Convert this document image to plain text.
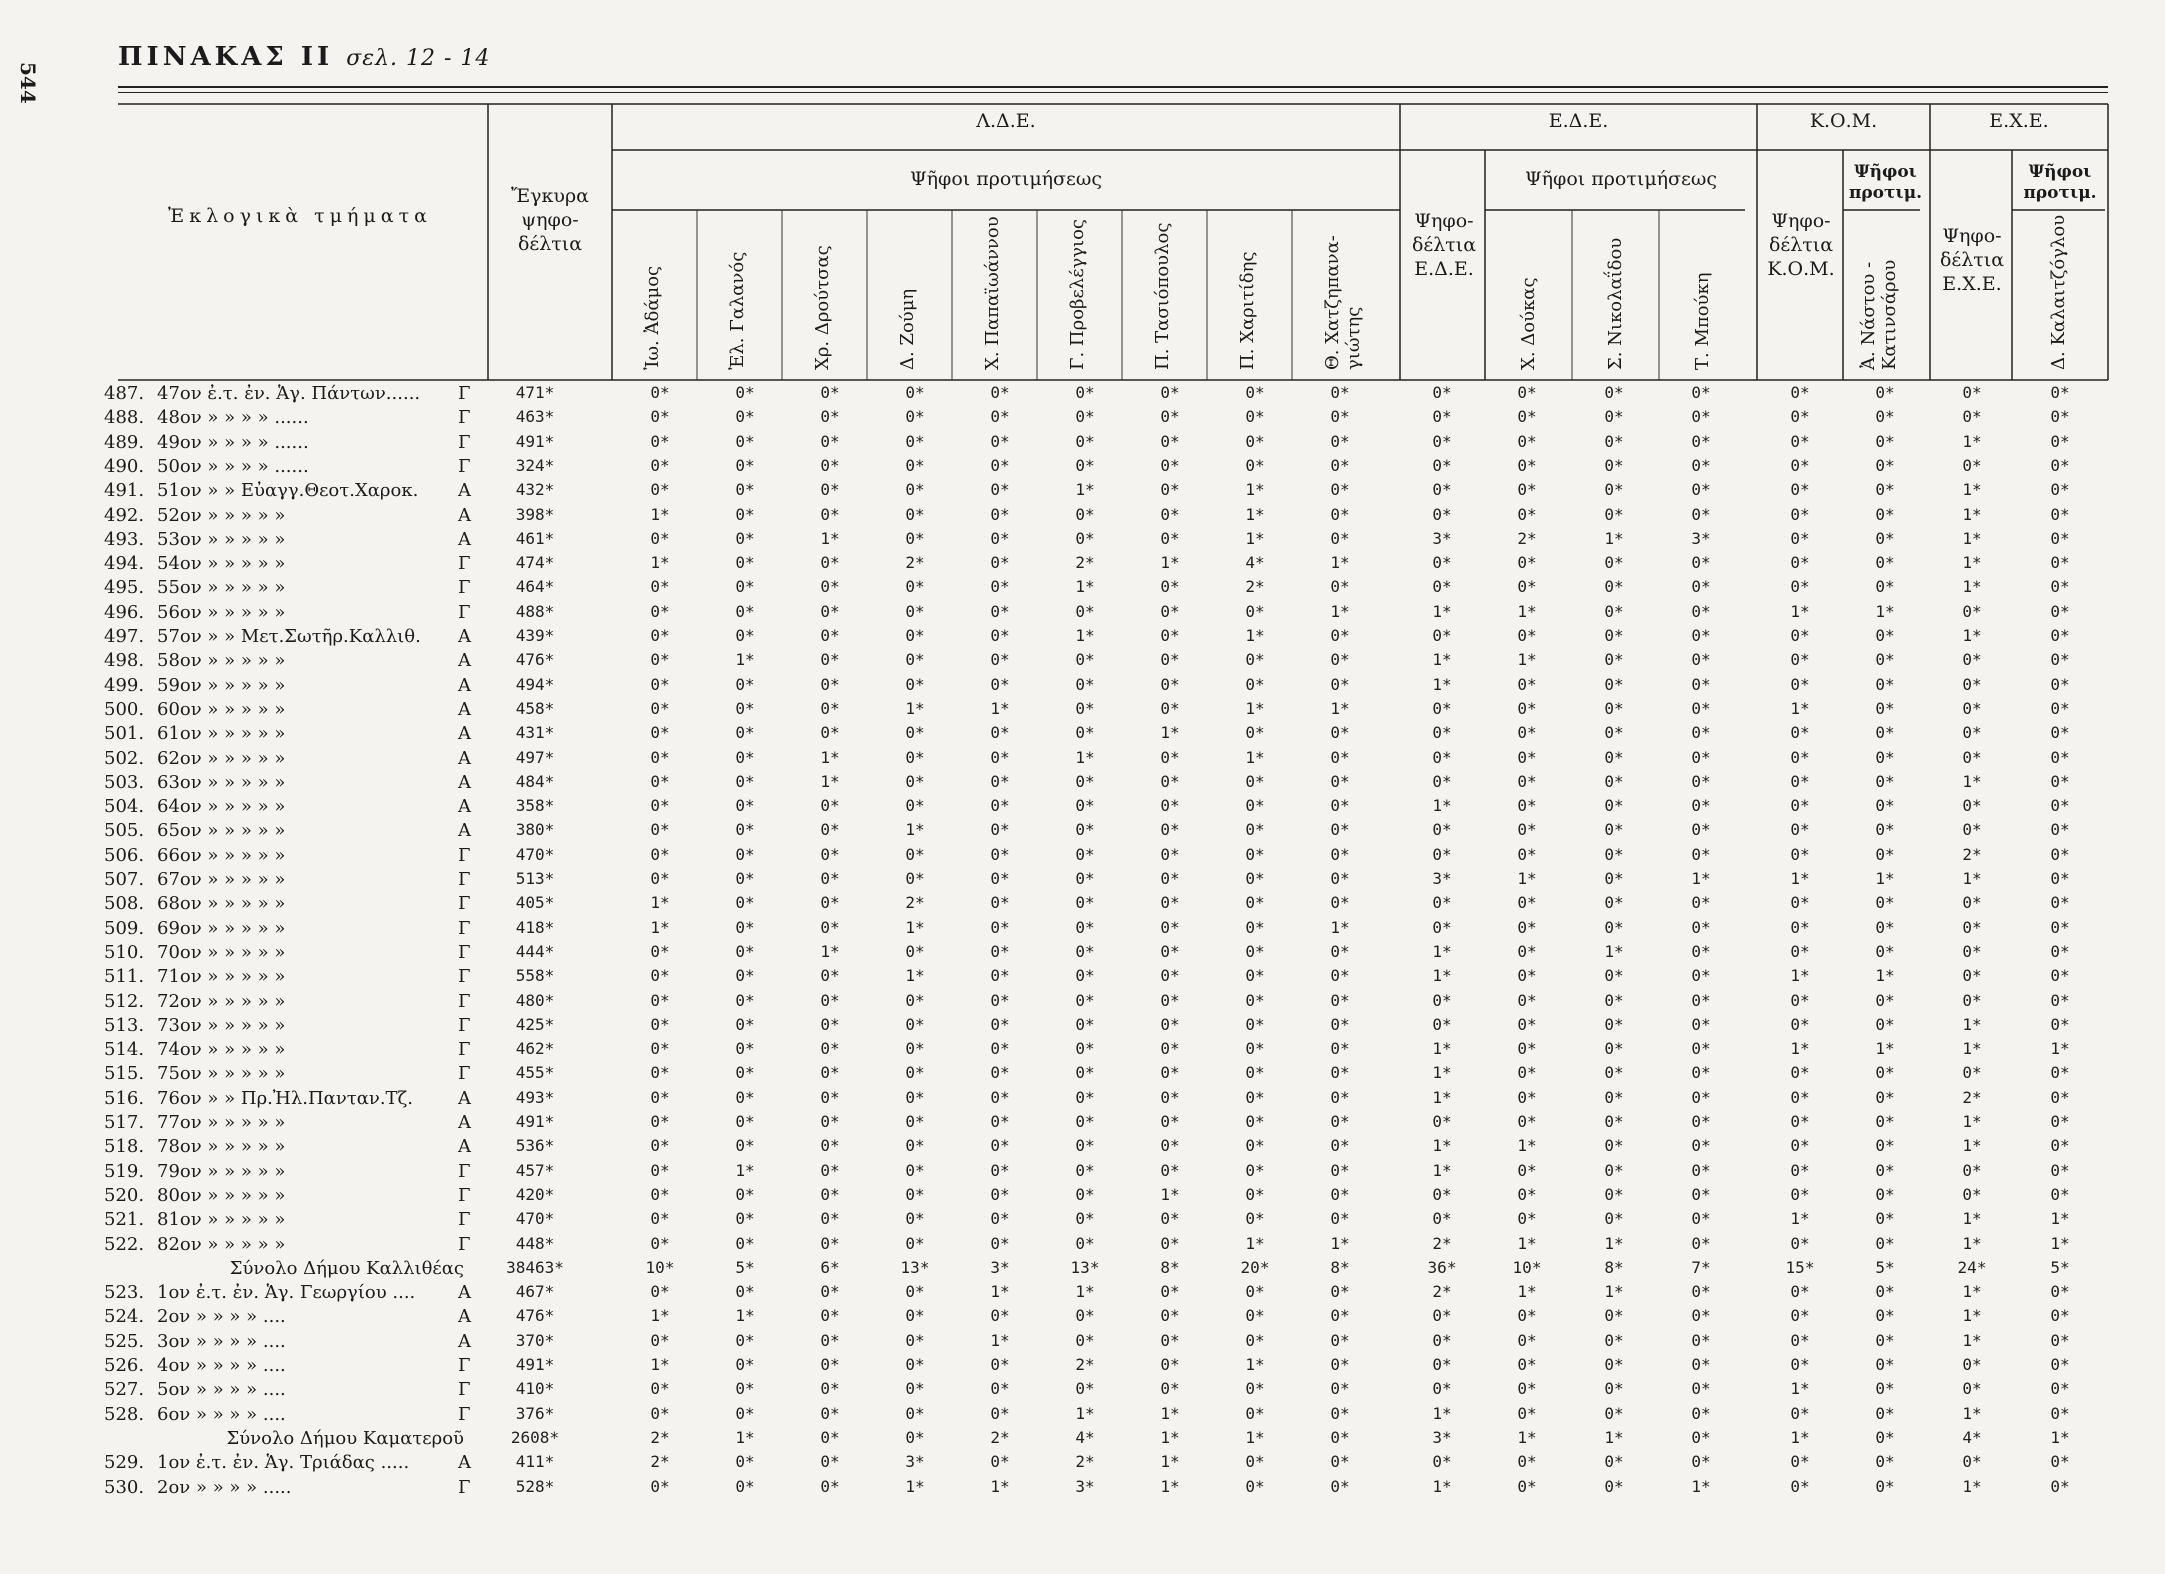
544
ΠΙΝΑΚΑΣ ΙΙ σελ. 12 - 14
Ἐκλογικὰ τμήματα
Ἔγκυρα ψηφο- δέλτια
Λ.Δ.Ε.
Ψῆφοι προτιμήσεως
Ε.Δ.Ε.
Ψῆφοι προτιμήσεως
Ψηφο- δέλτια Ε.Δ.Ε.
Κ.Ο.Μ.
Ψῆφοι προτιμ.
Ψηφο- δέλτια Κ.Ο.Μ.
Ε.Χ.Ε.
Ψῆφοι προτιμ.
Ψηφο- δέλτια Ε.Χ.Ε.
Ἰω. Ἀδάμος	Ἐλ. Γαλανός	Χρ. Δρούτσας	Δ. Ζούμη	Χ. Παπαϊωάννου	Γ. Προβελέγγιος	Π. Τασιόπουλος	Π. Χαριτίδης	Θ. Χατζηπανα- γιώτης	Χ. Δούκας	Σ. Νικολαΐδου	Τ. Μπούκη	Ἀ. Νάστου - Κατινσάρου	Δ. Καλαιτζόγλου
487. 47ον ἐ.τ. ἐν. Ἁγ. Πάντων...... Γ	471*	0*	0*	0*	0*	0*	0*	0*	0*	0*	0*	0*	0*	0*	0*	0*	0*	0*
488. 48ον » » » » ......	Γ	463*	0*	0*	0*	0*	0*	0*	0*	0*	0*	0*	0*	0*	0*	0*	0*	0*	0*
489. 49ον » » » » ......	Γ	491*	0*	0*	0*	0*	0*	0*	0*	0*	0*	0*	0*	0*	0*	0*	0*	1*	0*
490. 50ον » » » » ......	Γ	324*	0*	0*	0*	0*	0*	0*	0*	0*	0*	0*	0*	0*	0*	0*	0*	0*	0*
491. 51ον » » Εὐαγγ.Θεοτ.Χαροκ. Α	432*	0*	0*	0*	0*	0*	1*	0*	1*	0*	0*	0*	0*	0*	0*	0*	1*	0*
492. 52ον » » » » »	Α	398*	1*	0*	0*	0*	0*	0*	0*	1*	0*	0*	0*	0*	0*	0*	0*	1*	0*
493. 53ον » » » » »	Α	461*	0*	0*	1*	0*	0*	0*	0*	1*	0*	3*	2*	1*	3*	0*	0*	1*	0*
494. 54ον » » » » »	Γ	474*	1*	0*	0*	2*	0*	2*	1*	4*	1*	0*	0*	0*	0*	0*	0*	1*	0*
495. 55ον » » » » »	Γ	464*	0*	0*	0*	0*	0*	1*	0*	2*	0*	0*	0*	0*	0*	0*	0*	1*	0*
496. 56ον » » » » »	Γ	488*	0*	0*	0*	0*	0*	0*	0*	0*	1*	1*	1*	0*	0*	1*	1*	0*	0*
497. 57ον » » Μετ.Σωτῆρ.Καλλιθ. Α	439*	0*	0*	0*	0*	0*	1*	0*	1*	0*	0*	0*	0*	0*	0*	0*	1*	0*
498. 58ον » » » » »	Α	476*	0*	1*	0*	0*	0*	0*	0*	0*	0*	1*	1*	0*	0*	0*	0*	0*	0*
499. 59ον » » » » »	Α	494*	0*	0*	0*	0*	0*	0*	0*	0*	0*	1*	0*	0*	0*	0*	0*	0*	0*
500. 60ον » » » » »	Α	458*	0*	0*	0*	1*	1*	0*	0*	1*	1*	0*	0*	0*	0*	1*	0*	0*	0*
501. 61ον » » » » »	Α	431*	0*	0*	0*	0*	0*	0*	1*	0*	0*	0*	0*	0*	0*	0*	0*	0*	0*
502. 62ον » » » » »	Α	497*	0*	0*	1*	0*	0*	1*	0*	1*	0*	0*	0*	0*	0*	0*	0*	0*	0*
503. 63ον » » » » »	Α	484*	0*	0*	1*	0*	0*	0*	0*	0*	0*	0*	0*	0*	0*	0*	0*	1*	0*
504. 64ον » » » » »	Α	358*	0*	0*	0*	0*	0*	0*	0*	0*	0*	1*	0*	0*	0*	0*	0*	0*	0*
505. 65ον » » » » »	Α	380*	0*	0*	0*	1*	0*	0*	0*	0*	0*	0*	0*	0*	0*	0*	0*	0*	0*
506. 66ον » » » » »	Γ	470*	0*	0*	0*	0*	0*	0*	0*	0*	0*	0*	0*	0*	0*	0*	0*	2*	0*
507. 67ον » » » » »	Γ	513*	0*	0*	0*	0*	0*	0*	0*	0*	0*	3*	1*	0*	1*	1*	1*	1*	0*
508. 68ον » » » » »	Γ	405*	1*	0*	0*	2*	0*	0*	0*	0*	0*	0*	0*	0*	0*	0*	0*	0*	0*
509. 69ον » » » » »	Γ	418*	1*	0*	0*	1*	0*	0*	0*	0*	1*	0*	0*	0*	0*	0*	0*	0*	0*
510. 70ον » » » » »	Γ	444*	0*	0*	1*	0*	0*	0*	0*	0*	0*	1*	0*	1*	0*	0*	0*	0*	0*
511. 71ον » » » » »	Γ	558*	0*	0*	0*	1*	0*	0*	0*	0*	0*	1*	0*	0*	0*	1*	1*	0*	0*
512. 72ον » » » » »	Γ	480*	0*	0*	0*	0*	0*	0*	0*	0*	0*	0*	0*	0*	0*	0*	0*	0*	0*
513. 73ον » » » » »	Γ	425*	0*	0*	0*	0*	0*	0*	0*	0*	0*	0*	0*	0*	0*	0*	0*	1*	0*
514. 74ον » » » » »	Γ	462*	0*	0*	0*	0*	0*	0*	0*	0*	0*	1*	0*	0*	0*	1*	1*	1*	1*
515. 75ον » » » » »	Γ	455*	0*	0*	0*	0*	0*	0*	0*	0*	0*	1*	0*	0*	0*	0*	0*	0*	0*
516. 76ον » » Πρ.Ἠλ.Πανταν.Τζ. Α	493*	0*	0*	0*	0*	0*	0*	0*	0*	0*	1*	0*	0*	0*	0*	0*	2*	0*
517. 77ον » » » » »	Α	491*	0*	0*	0*	0*	0*	0*	0*	0*	0*	0*	0*	0*	0*	0*	0*	1*	0*
518. 78ον » » » » »	Α	536*	0*	0*	0*	0*	0*	0*	0*	0*	0*	1*	1*	0*	0*	0*	0*	1*	0*
519. 79ον » » » » »	Γ	457*	0*	1*	0*	0*	0*	0*	0*	0*	0*	1*	0*	0*	0*	0*	0*	0*	0*
520. 80ον » » » » »	Γ	420*	0*	0*	0*	0*	0*	0*	1*	0*	0*	0*	0*	0*	0*	0*	0*	0*	0*
521. 81ον » » » » »	Γ	470*	0*	0*	0*	0*	0*	0*	0*	0*	0*	0*	0*	0*	0*	1*	0*	1*	1*
522. 82ον » » » » »	Γ	448*	0*	0*	0*	0*	0*	0*	0*	1*	1*	2*	1*	1*	0*	0*	0*	1*	1*
Σύνολο Δήμου Καλλιθέας	38463*	10*	5*	6*	13*	3*	13*	8*	20*	8*	36*	10*	8*	7*	15*	5*	24*	5*
523. 1ον ἐ.τ. ἐν. Ἁγ. Γεωργίου .... Α	467*	0*	0*	0*	0*	1*	1*	0*	0*	0*	2*	1*	1*	0*	0*	0*	1*	0*
524. 2ον » » » » ....	Α	476*	1*	1*	0*	0*	0*	0*	0*	0*	0*	0*	0*	0*	0*	0*	0*	1*	0*
525. 3ον » » » » ....	Α	370*	0*	0*	0*	0*	1*	0*	0*	0*	0*	0*	0*	0*	0*	0*	0*	1*	0*
526. 4ον » » » » ....	Γ	491*	1*	0*	0*	0*	0*	2*	0*	1*	0*	0*	0*	0*	0*	0*	0*	0*	0*
527. 5ον » » » » ....	Γ	410*	0*	0*	0*	0*	0*	0*	0*	0*	0*	0*	0*	0*	0*	1*	0*	0*	0*
528. 6ον » » » » ....	Γ	376*	0*	0*	0*	0*	0*	1*	1*	0*	0*	1*	0*	0*	0*	0*	0*	1*	0*
Σύνολο Δήμου Καματεροῦ	2608*	2*	1*	0*	0*	2*	4*	1*	1*	0*	3*	1*	1*	0*	1*	0*	4*	1*
529. 1ον ἐ.τ. ἐν. Ἁγ. Τριάδας .....	Α	411*	2*	0*	0*	3*	0*	2*	1*	0*	0*	0*	0*	0*	0*	0*	0*	0*	0*
530. 2ον » » » » .....	Γ	528*	0*	0*	0*	1*	1*	3*	1*	0*	0*	1*	0*	0*	1*	0*	0*	1*	0*
